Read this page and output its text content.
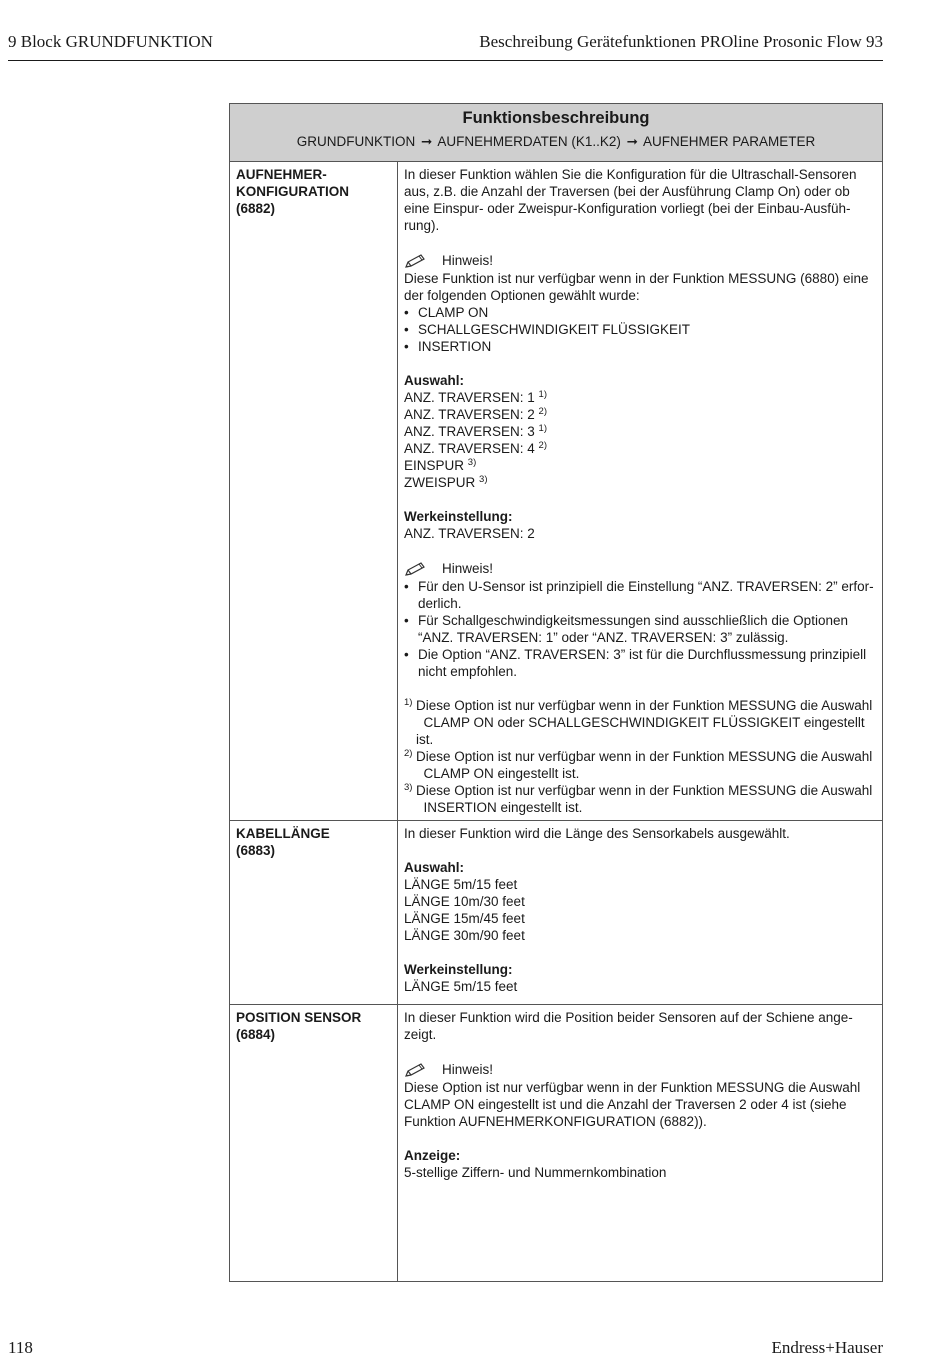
9 Block GRUNDFUNKTION	Beschreibung Gerätefunktionen PROline Prosonic Flow 93
Funktionsbeschreibung
GRUNDFUNKTION ➞ AUFNEHMERDATEN (K1..K2) ➞ AUFNEHMER PARAMETER
AUFNEHMER-
KONFIGURATION
(6882)

In dieser Funktion wählen Sie die Konfiguration für die Ultraschall-Sensoren

aus, z.B. die Anzahl der Traversen (bei der Ausführung Clamp On) oder ob

eine Einspur- oder Zweispur-Konfiguration vorliegt (bei der Einbau-Ausfüh-

rung).

Hinweis!

Diese Funktion ist nur verfügbar wenn in der Funktion MESSUNG (6880) eine

der folgenden Optionen gewählt wurde:

• CLAMP ON
• SCHALLGESCHWINDIGKEIT FLÜSSIGKEIT
• INSERTION

Auswahl:

ANZ. TRAVERSEN: 1 $^{1)}$

ANZ. TRAVERSEN: 2 $^{2)}$

ANZ. TRAVERSEN: 3 $^{1)}$

ANZ. TRAVERSEN: 4 $^{2)}$

EINSPUR $^{3)}$

ZWEISPUR $^{3)}$

Werkeinstellung:

ANZ. TRAVERSEN: 2

Hinweis!
• Für den U-Sensor ist prinzipiell die Einstellung “ANZ. TRAVERSEN: 2” erfor-
derlich.
• Für Schallgeschwindigkeitsmessungen sind ausschließlich die Optionen
“ANZ. TRAVERSEN: 1” oder “ANZ. TRAVERSEN: 3” zulässig.
• Die Option “ANZ. TRAVERSEN: 3” ist für die Durchflussmessung prinzipiell
nicht empfohlen.
1) Diese Option ist nur verfügbar wenn in der Funktion MESSUNG die Auswahl
CLAMP ON oder SCHALLGESCHWINDIGKEIT FLÜSSIGKEIT eingestellt ist.
2) Diese Option ist nur verfügbar wenn in der Funktion MESSUNG die Auswahl
CLAMP ON eingestellt ist.
3) Diese Option ist nur verfügbar wenn in der Funktion MESSUNG die Auswahl
INSERTION eingestellt ist.
KABELLÄNGE
(6883)

In dieser Funktion wird die Länge des Sensorkabels ausgewählt.

Auswahl:

LÄNGE 5m/15 feet

LÄNGE 10m/30 feet

LÄNGE 15m/45 feet

LÄNGE 30m/90 feet

Werkeinstellung:

LÄNGE 5m/15 feet

POSITION SENSOR
(6884)

In dieser Funktion wird die Position beider Sensoren auf der Schiene ange-

zeigt.

Hinweis!

Diese Option ist nur verfügbar wenn in der Funktion MESSUNG die Auswahl

CLAMP ON eingestellt ist und die Anzahl der Traversen 2 oder 4 ist (siehe

Funktion AUFNEHMERKONFIGURATION (6882)).

Anzeige:

5-stellige Ziffern- und Nummernkombination

118	Endress+Hauser
